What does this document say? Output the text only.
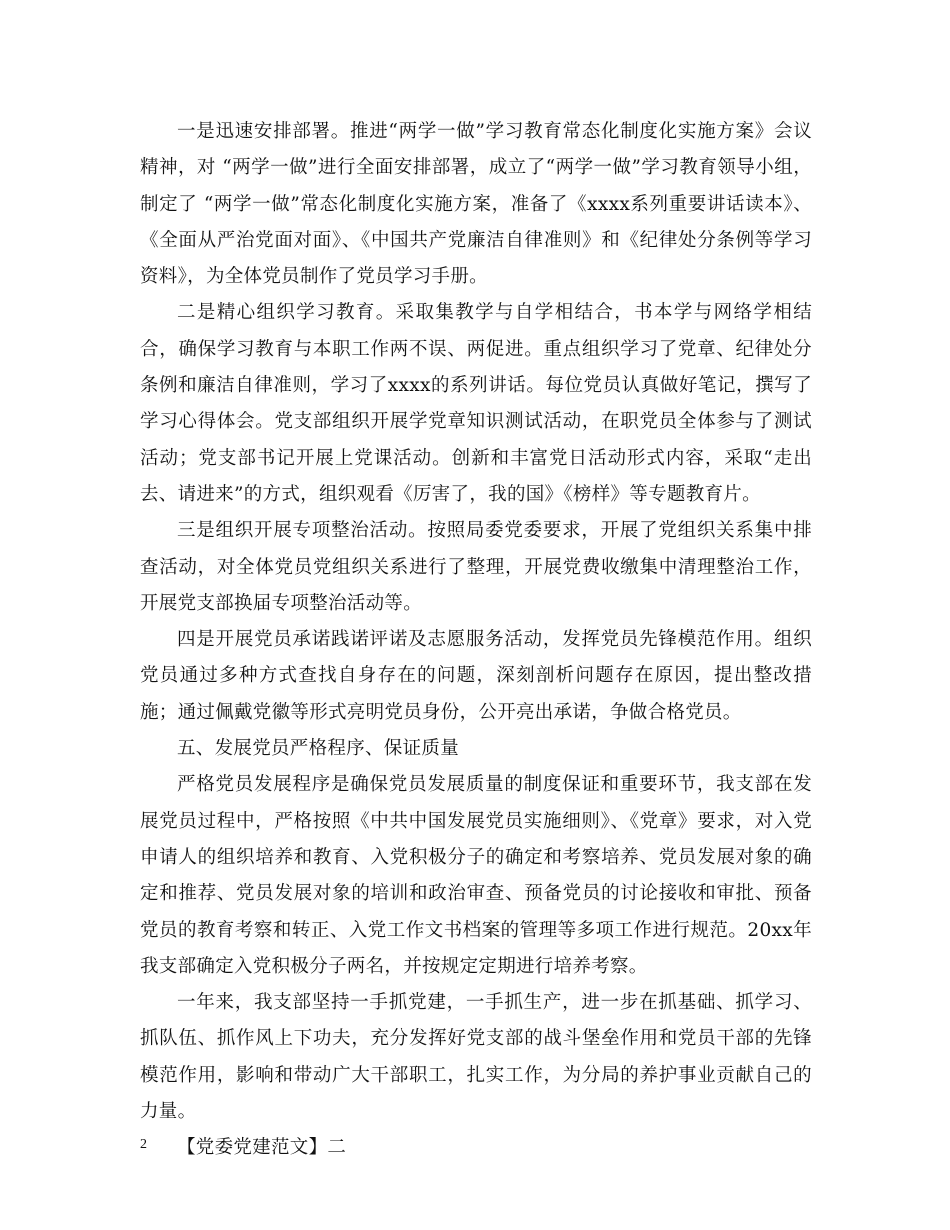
一是迅速安排部署。推进“两学一做”学习教育常态化制度化实施方案》会议精神，对 “两学一做”进行全面安排部署，成立了“两学一做”学习教育领导小组，制定了 “两学一做”常态化制度化实施方案，准备了《xxxx系列重要讲话读本》、《全面从严治党面对面》、《中国共产党廉洁自律准则》和《纪律处分条例等学习资料》，为全体党员制作了党员学习手册。

二是精心组织学习教育。采取集教学与自学相结合，书本学与网络学相结合，确保学习教育与本职工作两不误、两促进。重点组织学习了党章、纪律处分条例和廉洁自律准则，学习了xxxx的系列讲话。每位党员认真做好笔记，撰写了学习心得体会。党支部组织开展学党章知识测试活动，在职党员全体参与了测试活动；党支部书记开展上党课活动。创新和丰富党日活动形式内容，采取“走出去、请进来”的方式，组织观看《厉害了，我的国》《榜样》等专题教育片。

三是组织开展专项整治活动。按照局委党委要求，开展了党组织关系集中排查活动，对全体党员党组织关系进行了整理，开展党费收缴集中清理整治工作，开展党支部换届专项整治活动等。

四是开展党员承诺践诺评诺及志愿服务活动，发挥党员先锋模范作用。组织党员通过多种方式查找自身存在的问题，深刻剖析问题存在原因，提出整改措施；通过佩戴党徽等形式亮明党员身份，公开亮出承诺，争做合格党员。

五、发展党员严格程序、保证质量

严格党员发展程序是确保党员发展质量的制度保证和重要环节，我支部在发展党员过程中，严格按照《中共中国发展党员实施细则》、《党章》要求，对入党申请人的组织培养和教育、入党积极分子的确定和考察培养、党员发展对象的确定和推荐、党员发展对象的培训和政治审查、预备党员的讨论接收和审批、预备党员的教育考察和转正、入党工作文书档案的管理等多项工作进行规范。20xx年我支部确定入党积极分子两名，并按规定定期进行培养考察。

一年来，我支部坚持一手抓党建，一手抓生产，进一步在抓基础、抓学习、抓队伍、抓作风上下功夫，充分发挥好党支部的战斗堡垒作用和党员干部的先锋模范作用，影响和带动广大干部职工，扎实工作，为分局的养护事业贡献自己的力量。

【党委党建范文】二

2
